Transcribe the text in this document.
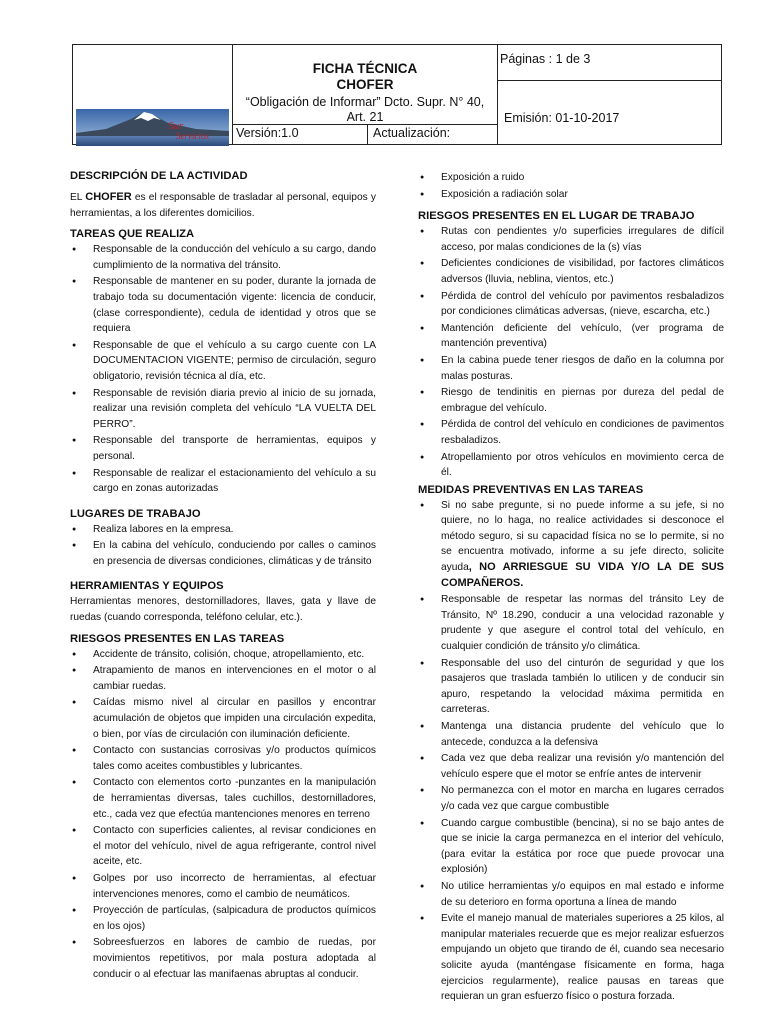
Sur
Servicios
FICHA TÉCNICA
CHOFER
“Obligación de Informar” Dcto. Supr. N° 40,
Art. 21
Páginas : 1 de 3
Emisión: 01-10-2017
Versión:1.0	Actualización:

DESCRIPCIÓN DE LA ACTIVIDAD

EL CHOFER es el responsable de trasladar al personal, equipos y herramientas, a los diferentes domicilios.

TAREAS QUE REALIZA

● Responsable de la conducción del vehículo a su cargo, dando cumplimiento de la normativa del tránsito.
● Responsable de mantener en su poder, durante la jornada de trabajo toda su documentación vigente: licencia de conducir, (clase correspondiente), cedula de identidad y otros que se requiera
● Responsable de que el vehículo a su cargo cuente con LA DOCUMENTACION VIGENTE; permiso de circulación, seguro obligatorio, revisión técnica al día, etc.
● Responsable de revisión diaria previo al inicio de su jornada, realizar una revisión completa del vehículo “LA VUELTA DEL PERRO”.
● Responsable del transporte de herramientas, equipos y personal.
● Responsable de realizar el estacionamiento del vehículo a su cargo en zonas autorizadas

LUGARES DE TRABAJO

● Realiza labores en la empresa.
● En la cabina del vehículo, conduciendo por calles o caminos en presencia de diversas condiciones, climáticas y de tránsito

HERRAMIENTAS Y EQUIPOS

Herramientas menores, destornilladores, llaves, gata y llave de ruedas (cuando corresponda, teléfono celular, etc.).

RIESGOS PRESENTES EN LAS TAREAS

● Accidente de tránsito, colisión, choque, atropellamiento, etc.
● Atrapamiento de manos en intervenciones en el motor o al cambiar ruedas.
● Caídas mismo nivel al circular en pasillos y encontrar acumulación de objetos que impiden una circulación expedita, o bien, por vías de circulación con iluminación deficiente.
● Contacto con sustancias corrosivas y/o productos químicos tales como aceites combustibles y lubricantes.
● Contacto con elementos corto -punzantes en la manipulación de herramientas diversas, tales cuchillos, destornilladores, etc., cada vez que efectúa mantenciones menores en terreno
● Contacto con superficies calientes, al revisar condiciones en el motor del vehículo, nivel de agua refrigerante, control nivel aceite, etc.
● Golpes por uso incorrecto de herramientas, al efectuar intervenciones menores, como el cambio de neumáticos.
● Proyección de partículas, (salpicadura de productos químicos en los ojos)
● Sobreesfuerzos en labores de cambio de ruedas, por movimientos repetitivos, por mala postura adoptada al conducir o al efectuar las manifaenas abruptas al conducir.
● Exposición a ruido
● Exposición a radiación solar

RIESGOS PRESENTES EN EL LUGAR DE TRABAJO

● Rutas con pendientes y/o superficies irregulares de difícil acceso, por malas condiciones de la (s) vías
● Deficientes condiciones de visibilidad, por factores climáticos adversos (lluvia, neblina, vientos, etc.)
● Pérdida de control del vehículo por pavimentos resbaladizos por condiciones climáticas adversas, (nieve, escarcha, etc.)
● Mantención deficiente del vehículo, (ver programa de mantención preventiva)
● En la cabina puede tener riesgos de daño en la columna por malas posturas.
● Riesgo de tendinitis en piernas por dureza del pedal de embrague del vehículo.
● Pérdida de control del vehículo en condiciones de pavimentos resbaladizos.
● Atropellamiento por otros vehículos en movimiento cerca de él.

MEDIDAS PREVENTIVAS EN LAS TAREAS

● Si no sabe pregunte, si no puede informe a su jefe, si no quiere, no lo haga, no realice actividades si desconoce el método seguro, si su capacidad física no se lo permite, si no se encuentra motivado, informe a su jefe directo, solicite ayuda, NO ARRIESGUE SU VIDA Y/O LA DE SUS COMPAÑEROS.
● Responsable de respetar las normas del tránsito Ley de Tránsito, Nº 18.290, conducir a una velocidad razonable y prudente y que asegure el control total del vehículo, en cualquier condición de tránsito y/o climática.
● Responsable del uso del cinturón de seguridad y que los pasajeros que traslada también lo utilicen y de conducir sin apuro, respetando la velocidad máxima permitida en carreteras.
● Mantenga una distancia prudente del vehículo que lo antecede, conduzca a la defensiva
● Cada vez que deba realizar una revisión y/o mantención del vehículo espere que el motor se enfríe antes de intervenir
● No permanezca con el motor en marcha en lugares cerrados y/o cada vez que cargue combustible
● Cuando cargue combustible (bencina), si no se bajo antes de que se inicie la carga permanezca en el interior del vehículo, (para evitar la estática por roce que puede provocar una explosión)
● No utilice herramientas y/o equipos en mal estado e informe de su deterioro en forma oportuna a línea de mando
● Evite el manejo manual de materiales superiores a 25 kilos, al manipular materiales recuerde que es mejor realizar esfuerzos empujando un objeto que tirando de él, cuando sea necesario solicite ayuda (manténgase físicamente en forma, haga ejercicios regularmente), realice pausas en tareas que requieran un gran esfuerzo físico o postura forzada.
